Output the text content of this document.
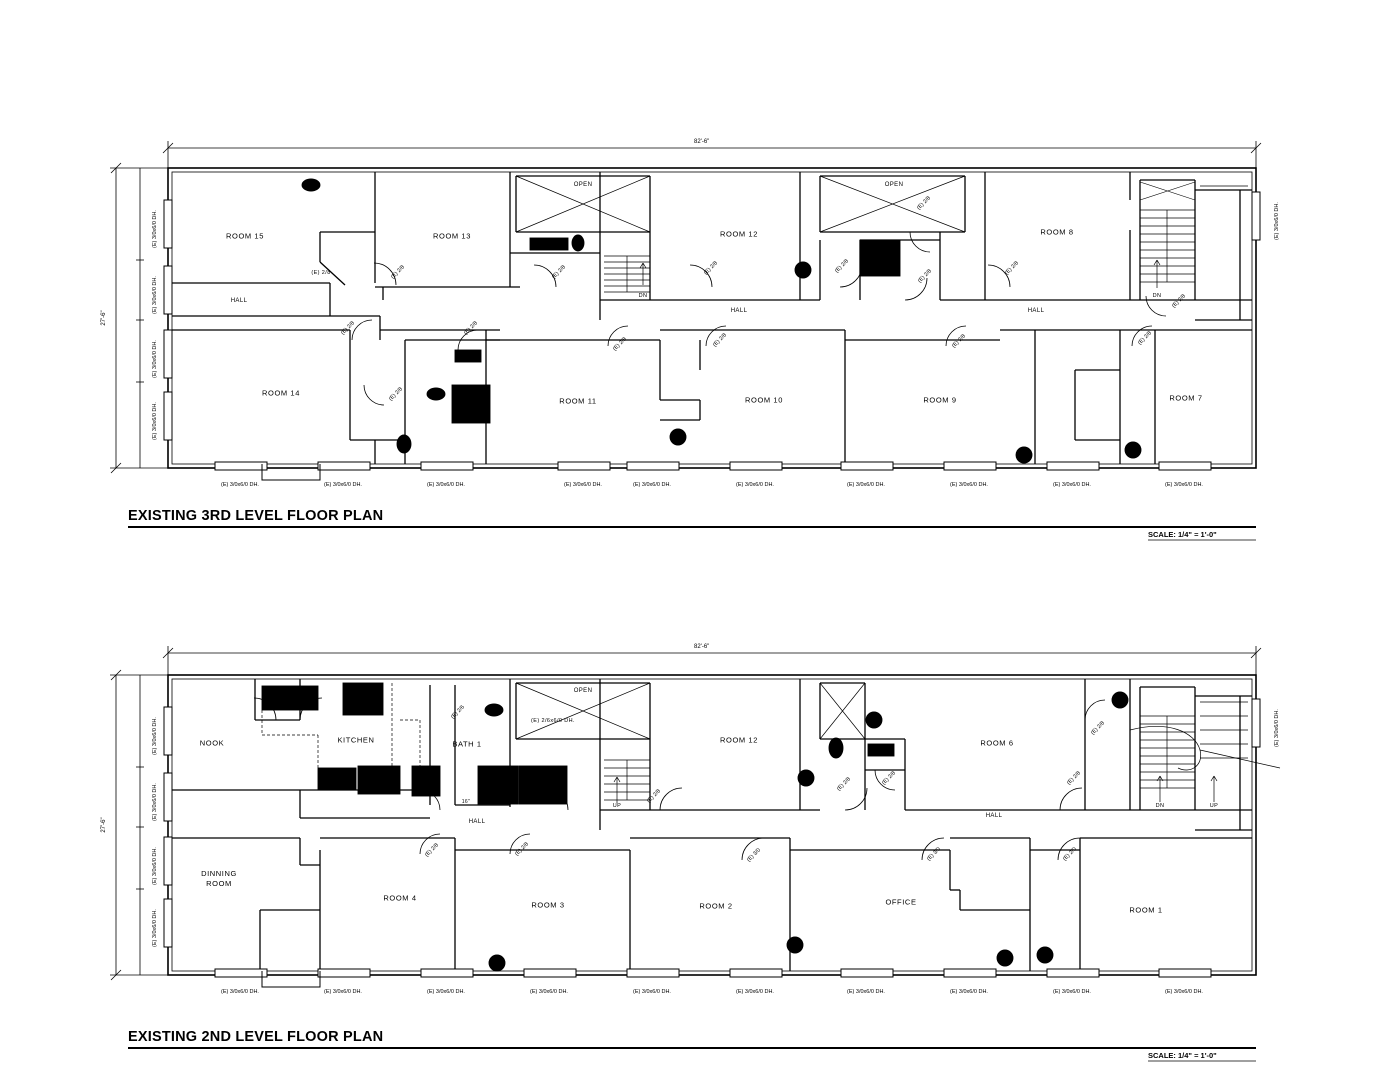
82'-6"
27'-6"
ROOM 15	ROOM 13	ROOM 12	ROOM 8
ROOM 14
ROOM 11	ROOM 10	ROOM 9	ROOM 7
HALL
HALL	HALL
OPEN	OPEN
DN	DN
(E) 2/8	(E) 2/8	(E) 2/8	(E) 2/8	(E) 2/8
(E) 2/8
(E) 2/8
(E) 2/8
(E) 2/8
(E) 2/8
(E) 2/8
(E) 2/8
(E) 2/8	(E) 2/8	(E) 2/8	(E) 2/8
(E) 3/0x6/0 DH.	(E) 3/0x6/0 DH.	(E) 3/0x6/0 DH.	(E) 3/0x6/0 DH.	(E) 3/0x6/0 DH.	(E) 3/0x6/0 DH.	(E) 3/0x6/0 DH.	(E) 3/0x6/0 DH.	(E) 3/0x6/0 DH.	(E) 3/0x6/0 DH.
(E) 3/0x6/0 DH.
(E) 3/0x6/0 DH.
(E) 3/0x6/0 DH.
(E) 3/0x6/0 DH.
(E) 3/0x6/0 DH.
EXISTING 3RD LEVEL FLOOR PLAN
SCALE: 1/4" = 1'-0"
82'-6"
27'-6"
NOOK	KITCHEN	BATH 1	ROOM 12	ROOM 6
ROOM 4
ROOM 3	ROOM 2	OFFICE
ROOM 1
DINNING
ROOM
HALL
HALL
OPEN
UP	DN	UP
(E) 2/6
(E) 2/6x6/0 DH.
(E) 2/8
(E) 2/8	(E) 2/8	(E) 2/8
(E) 2/8
(E) 2/8	(E) 2/8	(E) 3/0	(E) 3/0	(E) 2/0
16"
D/W
(E) 3/0x6/0 DH.	(E) 3/0x6/0 DH.	(E) 3/0x6/0 DH.	(E) 3/0x6/0 DH.	(E) 3/0x6/0 DH.	(E) 3/0x6/0 DH.	(E) 3/0x6/0 DH.	(E) 3/0x6/0 DH.	(E) 3/0x6/0 DH.	(E) 3/0x6/0 DH.
(E) 3/0x6/0 DH.
(E) 3/0x6/0 DH.
(E) 3/0x6/0 DH.
(E) 3/0x6/0 DH.
(E) 3/0x6/0 DH.
EXISTING 2ND LEVEL FLOOR PLAN
SCALE: 1/4" = 1'-0"
